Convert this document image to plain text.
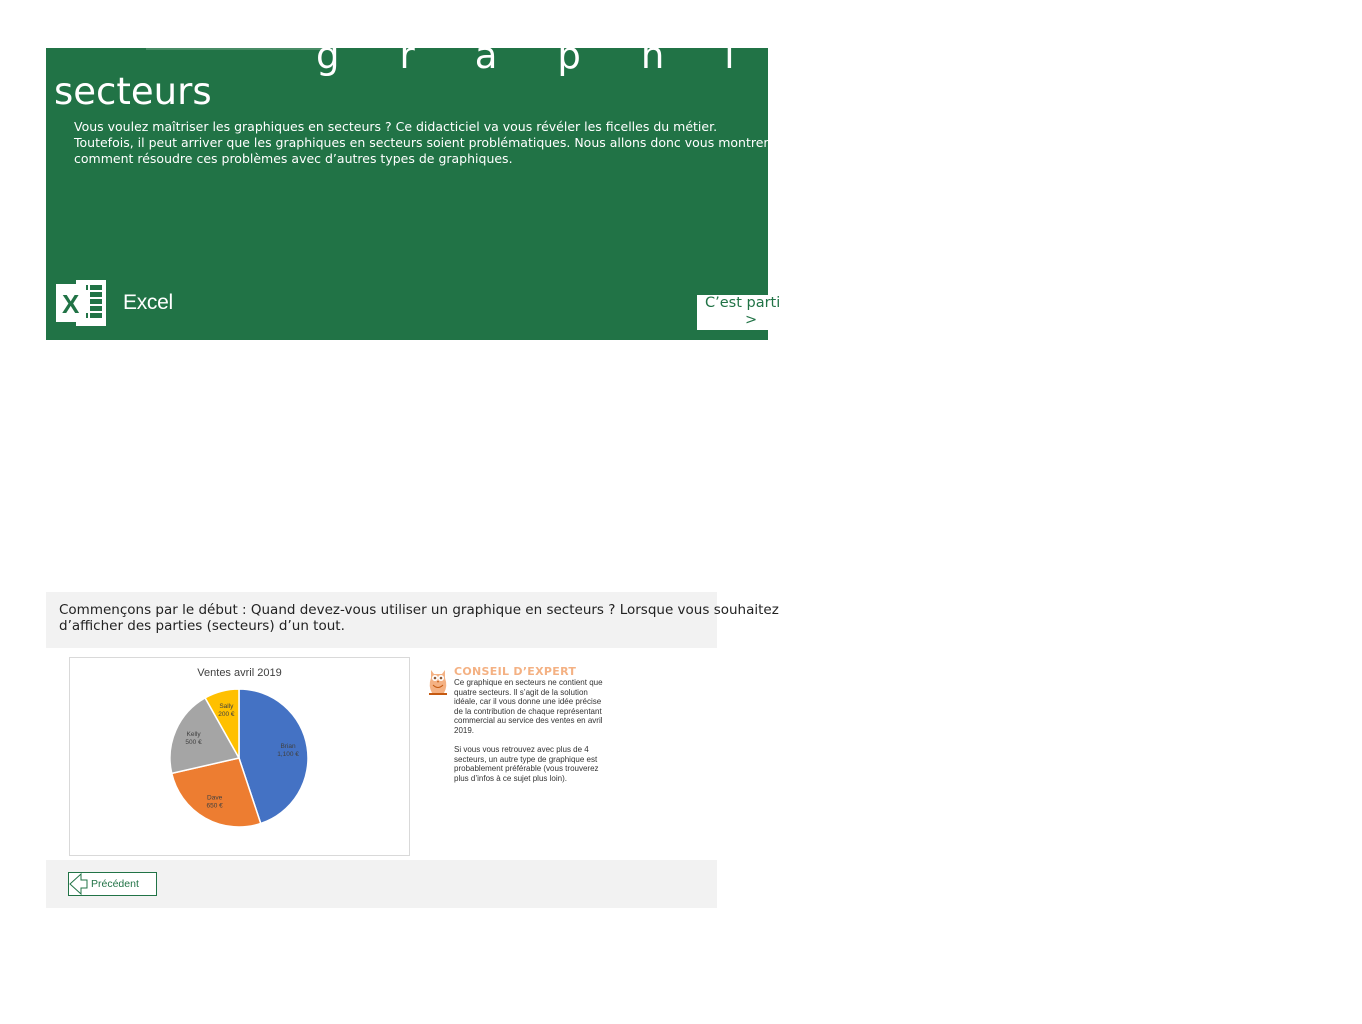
graphiques en
secteurs
Vous voulez maîtriser les graphiques en secteurs ? Ce didacticiel va vous révéler les ficelles du métier.
Toutefois, il peut arriver que les graphiques en secteurs soient problématiques. Nous allons donc vous montrer
comment résoudre ces problèmes avec d’autres types de graphiques.
X Excel	C’est parti
>
Commençons par le début : Quand devez-vous utiliser un graphique en secteurs ? Lorsque vous souhaitez
d’afficher des parties (secteurs) d’un tout.
Ventes avril 2019
Brian
1,100 €
Dave
650 €
Kelly
500 €
Sally
200 €
CONSEIL D’EXPERT
Ce graphique en secteurs ne contient que
quatre secteurs. Il s’agit de la solution
idéale, car il vous donne une idée précise
de la contribution de chaque représentant
commercial au service des ventes en avril
2019.
Si vous vous retrouvez avec plus de 4
secteurs, un autre type de graphique est
probablement préférable (vous trouverez
plus d’infos à ce sujet plus loin).
Précédent
